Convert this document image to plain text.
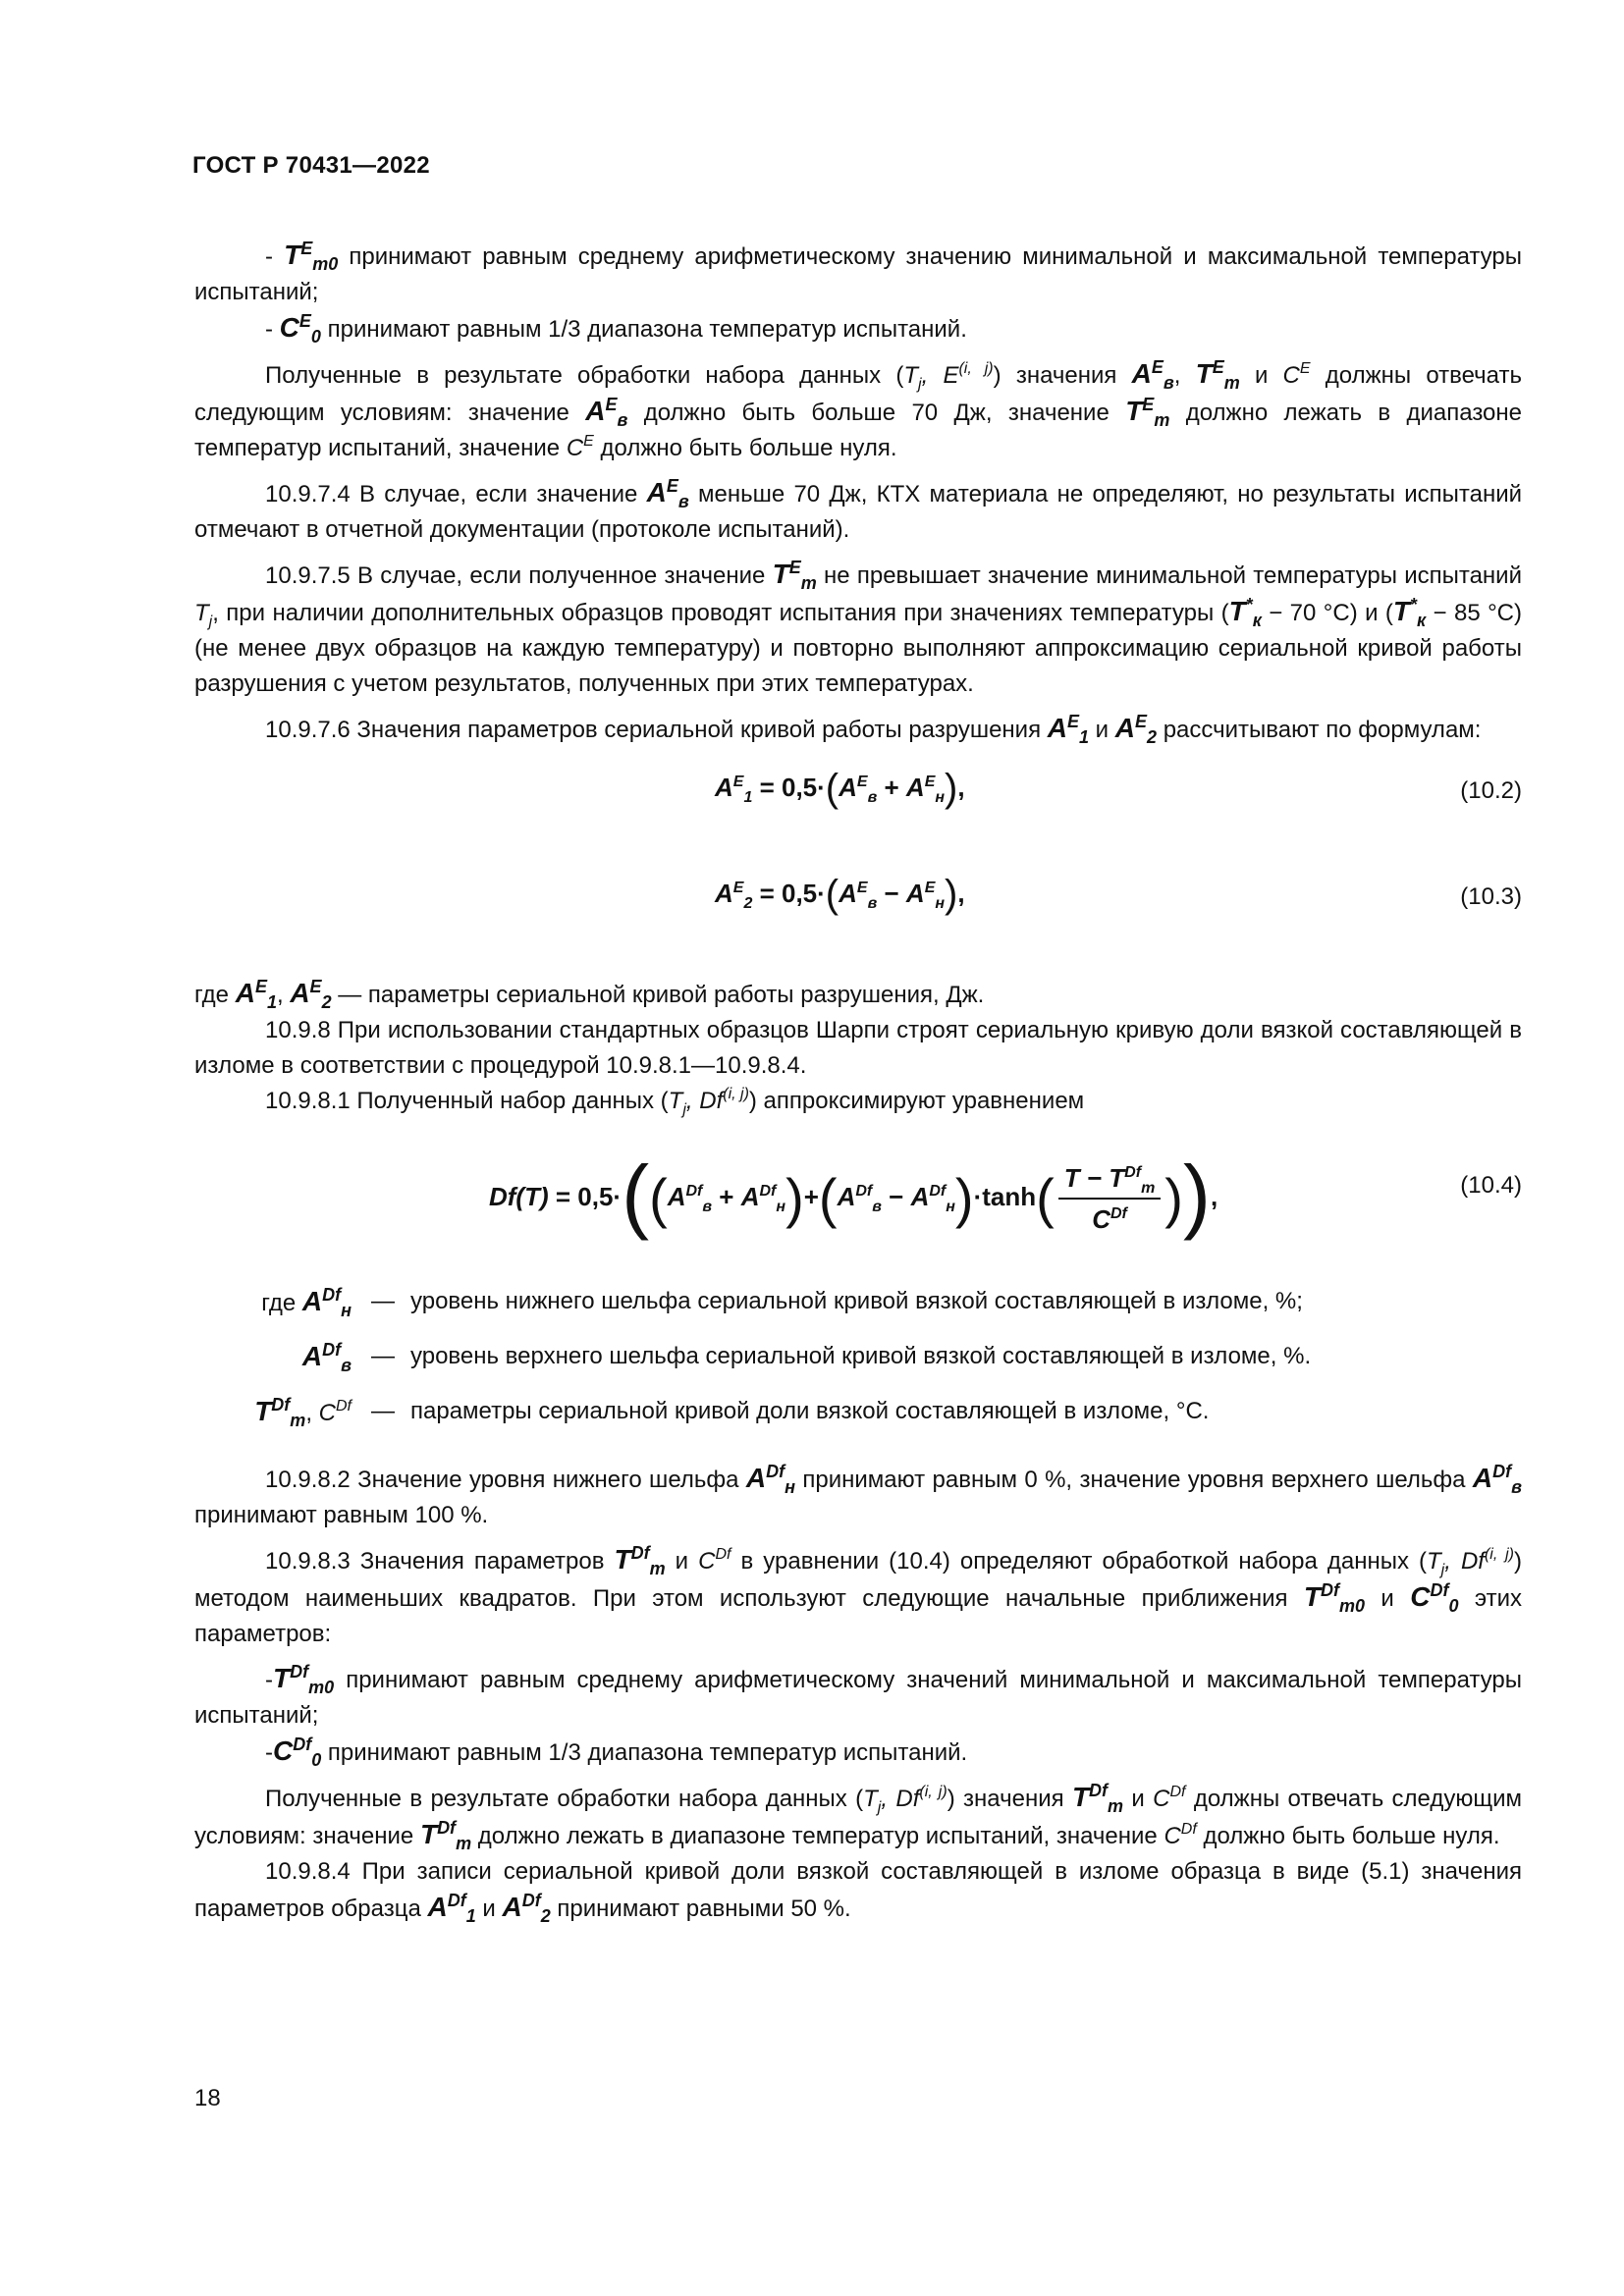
ГОСТ Р 70431—2022

- $T^E_{m0}$ принимают равным среднему арифметическому значению минимальной и максимальной температуры испытаний;

- $C^E_0$ принимают равным 1/3 диапазона температур испытаний.

Полученные в результате обработки набора данных ($T_j$, E$^{(i, j)}$) значения $A^E_в$, $T^E_m$ и $C^E$ должны отвечать следующим условиям: значение $A^E_в$ должно быть больше 70 Дж, значение $T^E_m$ должно лежать в диапазоне температур испытаний, значение $C^E$ должно быть больше нуля.

10.9.7.4 В случае, если значение $A^E_в$ меньше 70 Дж, КТХ материала не определяют, но результаты испытаний отмечают в отчетной документации (протоколе испытаний).

10.9.7.5 В случае, если полученное значение $T^E_m$ не превышает значение минимальной температуры испытаний $T_j$, при наличии дополнительных образцов проводят испытания при значениях температуры ($T^*_к - 70$ °C) и ($T^*_к - 85$ °C) (не менее двух образцов на каждую температуру) и повторно выполняют аппроксимацию сериальной кривой работы разрушения с учетом результатов, полученных при этих температурах.

10.9.7.6 Значения параметров сериальной кривой работы разрушения $A^E_1$ и $A^E_2$ рассчитывают по формулам:

$A^E_1 = 0,5\cdot(A^E_в + A^E_н)$,	(10.2)
$A^E_2 = 0,5\cdot(A^E_в - A^E_н)$,	(10.3)

где $A^E_1$, $A^E_2$ — параметры сериальной кривой работы разрушения, Дж.

10.9.8 При использовании стандартных образцов Шарпи строят сериальную кривую доли вязкой составляющей в изломе в соответствии с процедурой 10.9.8.1—10.9.8.4.

10.9.8.1 Полученный набор данных ($T_j$, Df$^{(i, j)}$) аппроксимируют уравнением

$Df(T) = 0,5\cdot((A^{Df}_в + A^{Df}_н)+(A^{Df}_в - A^{Df}_н)\cdot\tanh( \frac{T - T^{Df}_m}{C^{Df}}$ )),	(10.4)
где $A^{Df}_н$ — уровень нижнего шельфа сериальной кривой вязкой составляющей в изломе, %;
$A^{Df}_в$ — уровень верхнего шельфа сериальной кривой вязкой составляющей в изломе, %.
$T^{Df}_m$, $C^{Df}$ — параметры сериальной кривой доли вязкой составляющей в изломе, °С.

10.9.8.2 Значение уровня нижнего шельфа $A^{Df}_н$ принимают равным 0 %, значение уровня верхнего шельфа $A^{Df}_в$ принимают равным 100 %.

10.9.8.3 Значения параметров $T^{Df}_m$ и $C^{Df}$ в уравнении (10.4) определяют обработкой набора данных ($T_j$, Df$^{(i, j)}$) методом наименьших квадратов. При этом используют следующие начальные приближения $T^{Df}_{m0}$ и $C^{Df}_0$ этих параметров:

$-T^{Df}_{m0}$ принимают равным среднему арифметическому значений минимальной и максимальной температуры испытаний;

$-C^{Df}_0$ принимают равным 1/3 диапазона температур испытаний.

Полученные в результате обработки набора данных ($T_j$, Df$^{(i, j)}$) значения $T^{Df}_m$ и $C^{Df}$ должны отвечать следующим условиям: значение $T^{Df}_m$ должно лежать в диапазоне температур испытаний, значение $C^{Df}$ должно быть больше нуля.

10.9.8.4 При записи сериальной кривой доли вязкой составляющей в изломе образца в виде (5.1) значения параметров образца $A^{Df}_1$ и $A^{Df}_2$ принимают равными 50 %.

18
